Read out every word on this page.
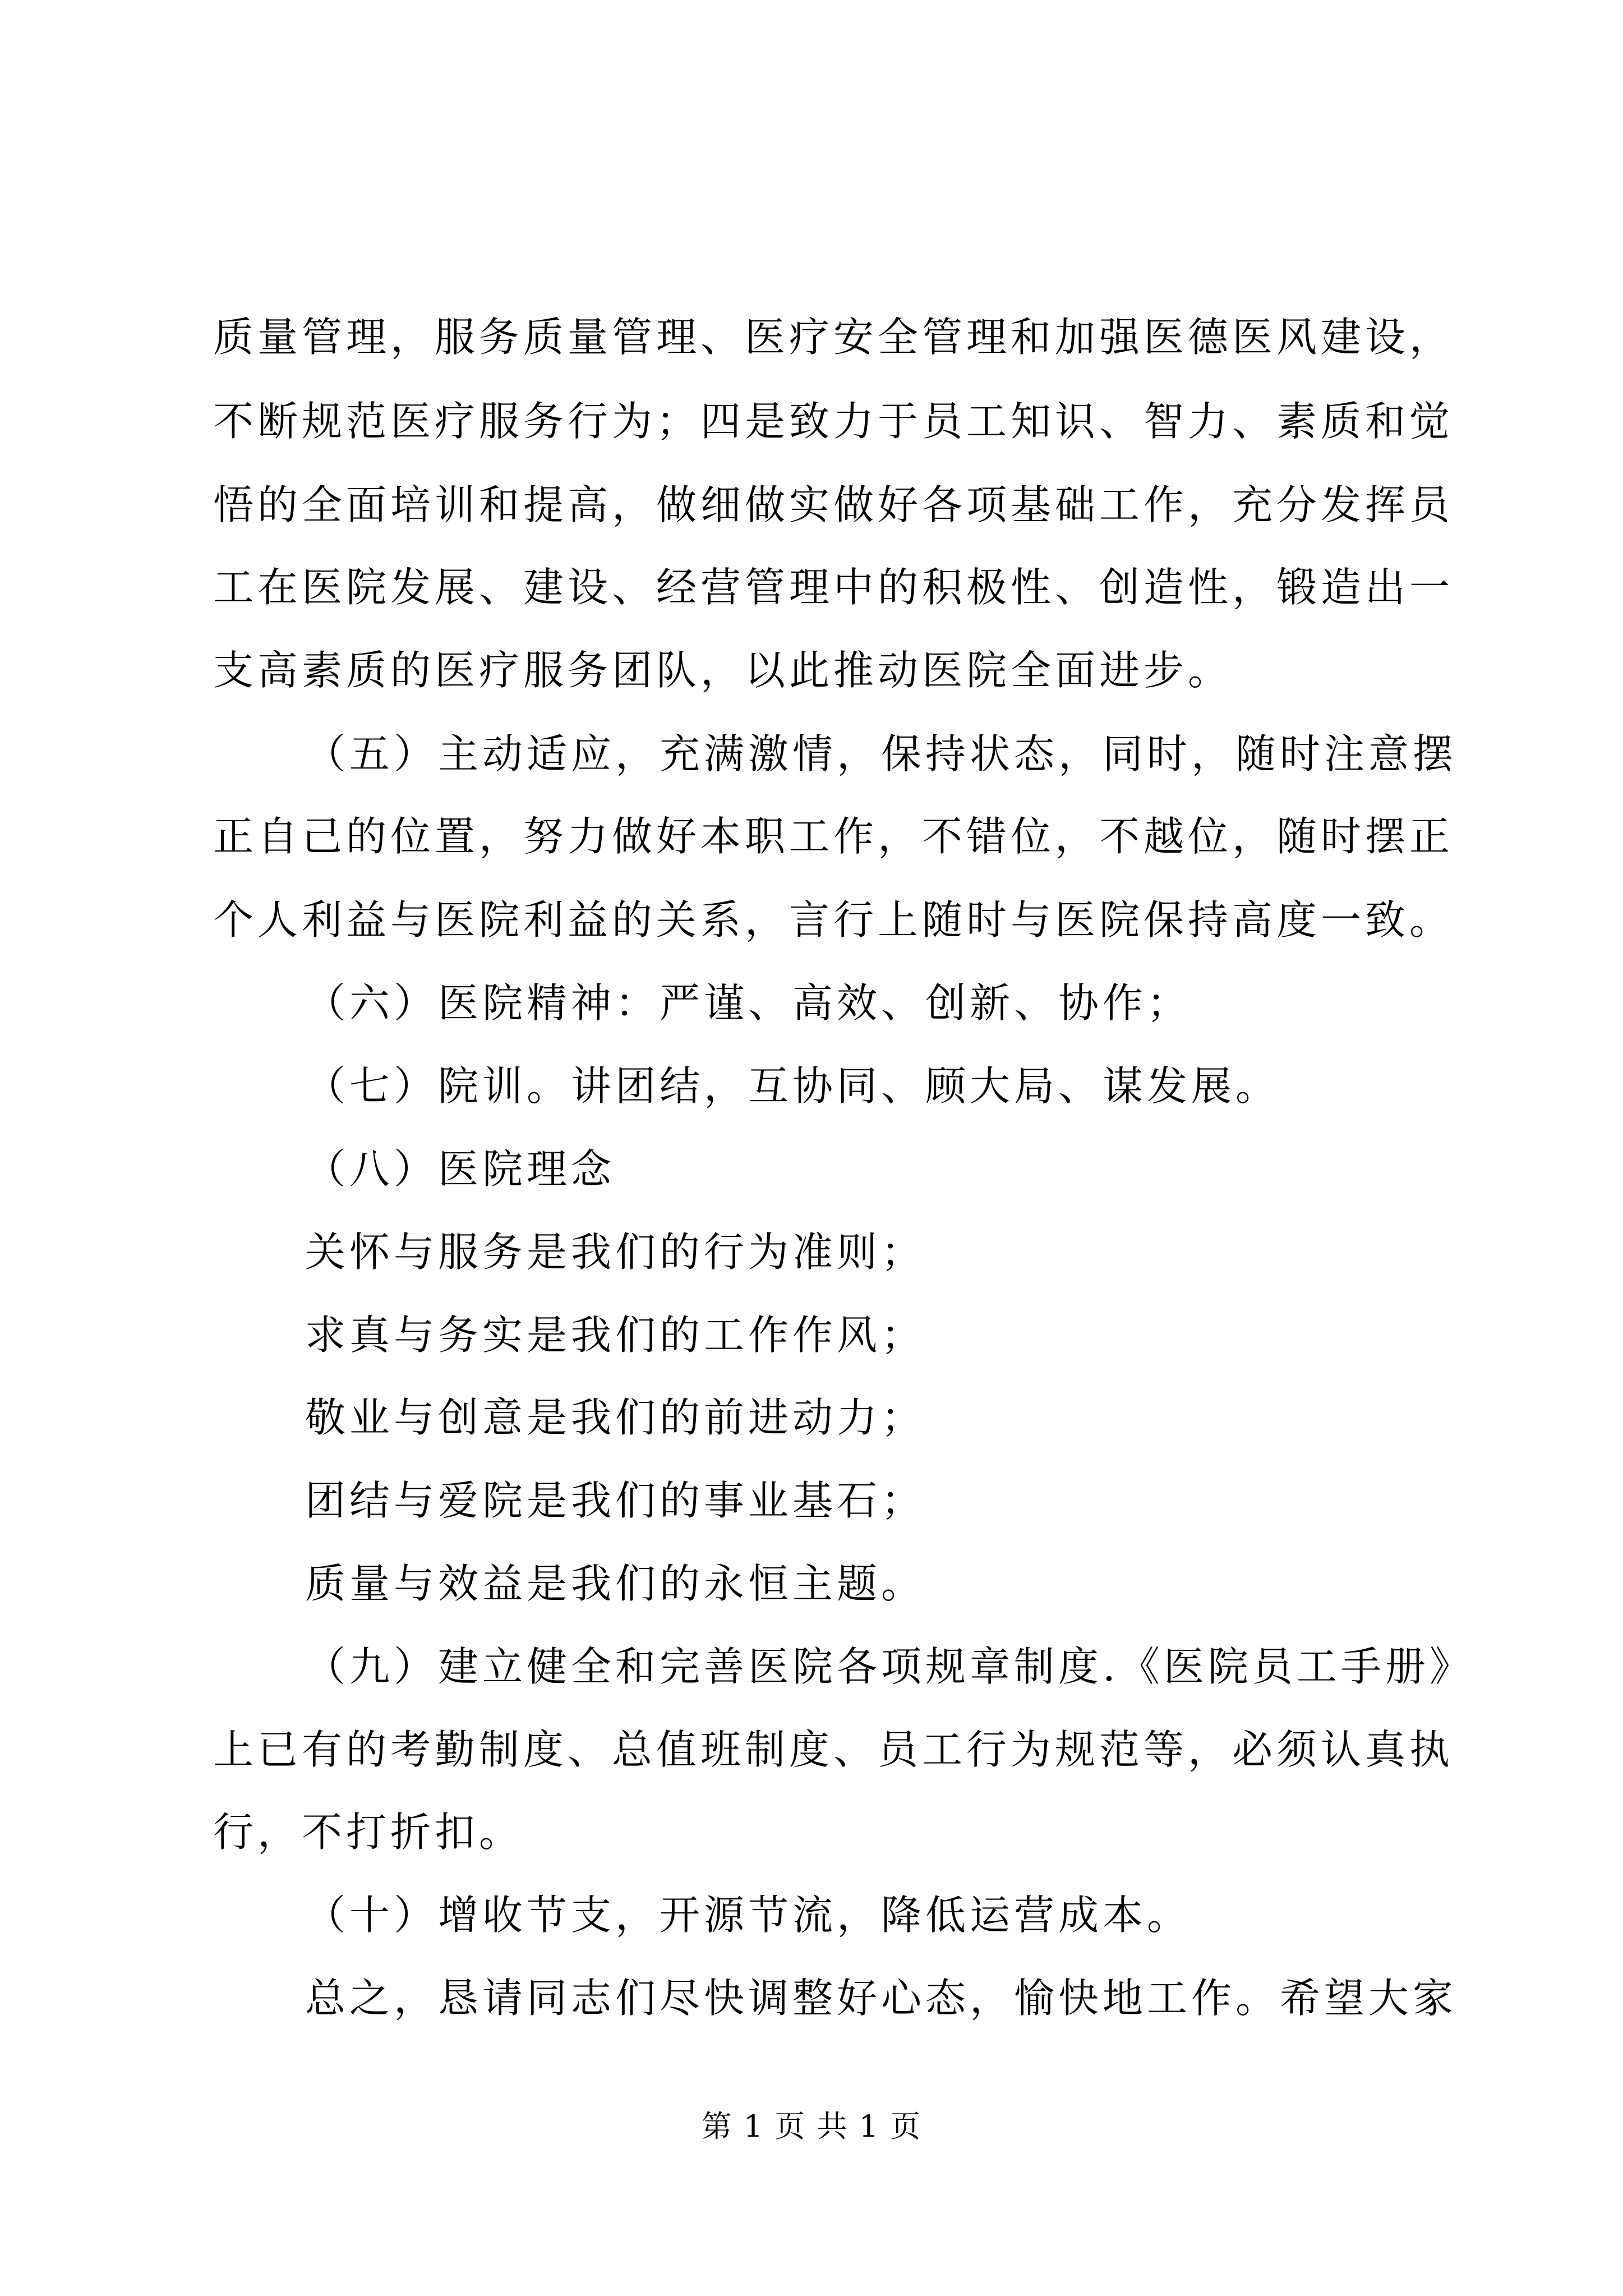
质量管理，服务质量管理、医疗安全管理和加强医德医风建设，
不断规范医疗服务行为；四是致力于员工知识、智力、素质和觉
悟的全面培训和提高，做细做实做好各项基础工作，充分发挥员
工在医院发展、建设、经营管理中的积极性、创造性，锻造出一
支高素质的医疗服务团队，以此推动医院全面进步。
（五）主动适应，充满激情，保持状态，同时，随时注意摆
正自己的位置，努力做好本职工作，不错位，不越位，随时摆正
个人利益与医院利益的关系，言行上随时与医院保持高度一致。
（六）医院精神：严谨、高效、创新、协作；
（七）院训。讲团结，互协同、顾大局、谋发展。
（八）医院理念
关怀与服务是我们的行为准则；
求真与务实是我们的工作作风；
敬业与创意是我们的前进动力；
团结与爱院是我们的事业基石；
质量与效益是我们的永恒主题。
（九）建立健全和完善医院各项规章制度.《医院员工手册》
上已有的考勤制度、总值班制度、员工行为规范等，必须认真执
行，不打折扣。
（十）增收节支，开源节流，降低运营成本。
总之，恳请同志们尽快调整好心态，愉快地工作。希望大家
第 1 页 共 1 页
